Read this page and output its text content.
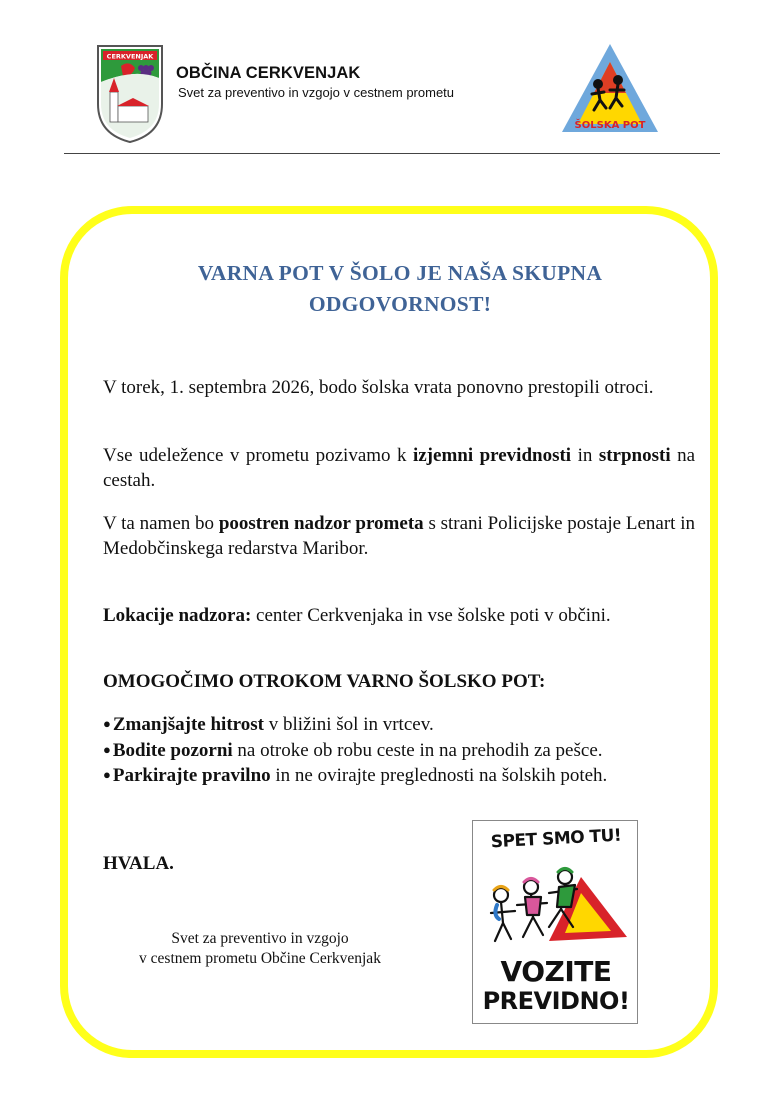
CERKVENJAK
OBČINA CERKVENJAK
Svet za preventivo in vzgojo v cestnem prometu
ŠOLSKA POT
VARNA POT V ŠOLO JE NAŠA SKUPNA
ODGOVORNOST!
V torek, 1. septembra 2026, bodo šolska vrata ponovno prestopili otroci.
Vse udeležence v prometu pozivamo k izjemni previdnosti in strpnosti na cestah.
V ta namen bo poostren nadzor prometa s strani Policijske postaje Lenart in Medobčinskega redarstva Maribor.
Lokacije nadzora: center Cerkvenjaka in vse šolske poti v občini.
OMOGOČIMO OTROKOM VARNO ŠOLSKO POT:
● Zmanjšajte hitrost v bližini šol in vrtcev.
● Bodite pozorni na otroke ob robu ceste in na prehodih za pešce.
● Parkirajte pravilno in ne ovirajte preglednosti na šolskih poteh.
HVALA.
Svet za preventivo in vzgojo
v cestnem prometu Občine Cerkvenjak
SPET SMO TU!
VOZITE
PREVIDNO!
